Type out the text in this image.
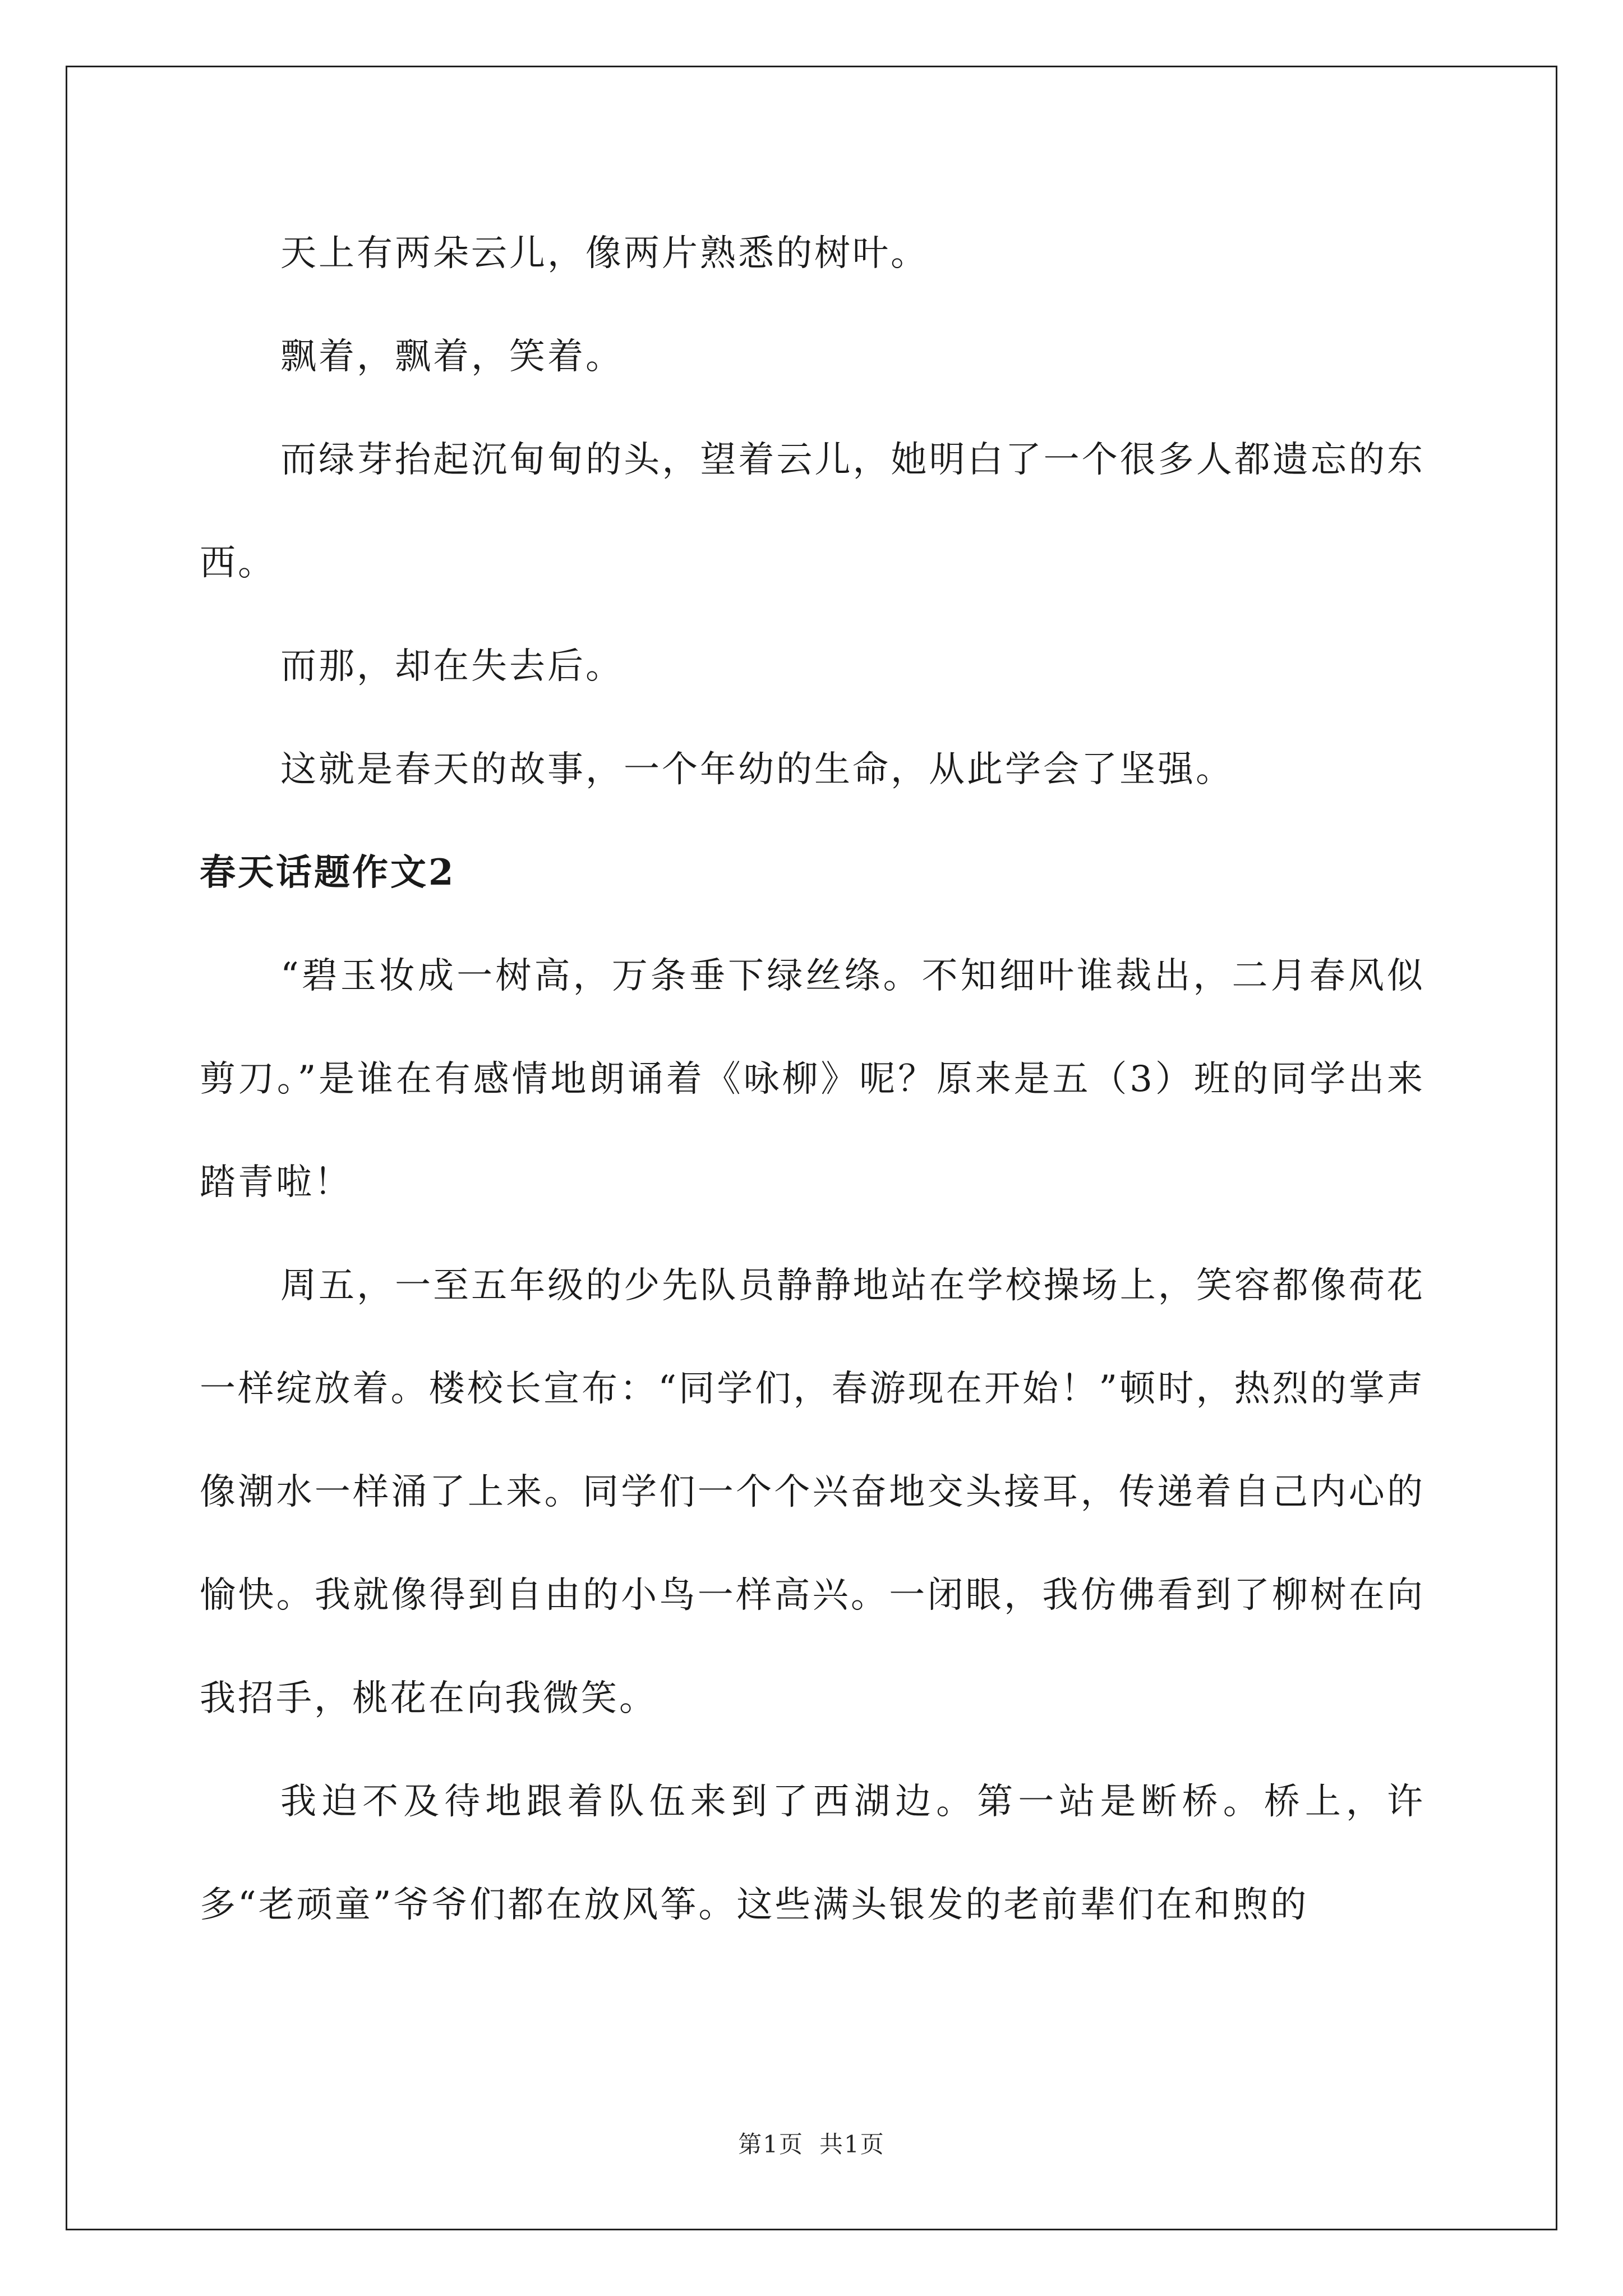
天上有两朵云儿，像两片熟悉的树叶。

飘着，飘着，笑着。

而绿芽抬起沉甸甸的头，望着云儿，她明白了一个很多人都遗忘的东西。

而那，却在失去后。

这就是春天的故事，一个年幼的生命，从此学会了坚强。

春天话题作文2

“碧玉妆成一树高，万条垂下绿丝绦。不知细叶谁裁出，二月春风似剪刀。”是谁在有感情地朗诵着《咏柳》呢？原来是五（3）班的同学出来踏青啦！

周五，一至五年级的少先队员静静地站在学校操场上，笑容都像荷花一样绽放着。楼校长宣布：“同学们，春游现在开始！”顿时，热烈的掌声像潮水一样涌了上来。同学们一个个兴奋地交头接耳，传递着自己内心的愉快。我就像得到自由的小鸟一样高兴。一闭眼，我仿佛看到了柳树在向我招手，桃花在向我微笑。

我迫不及待地跟着队伍来到了西湖边。第一站是断桥。桥上，许多“老顽童”爷爷们都在放风筝。这些满头银发的老前辈们在和煦的

第1页 共1页
